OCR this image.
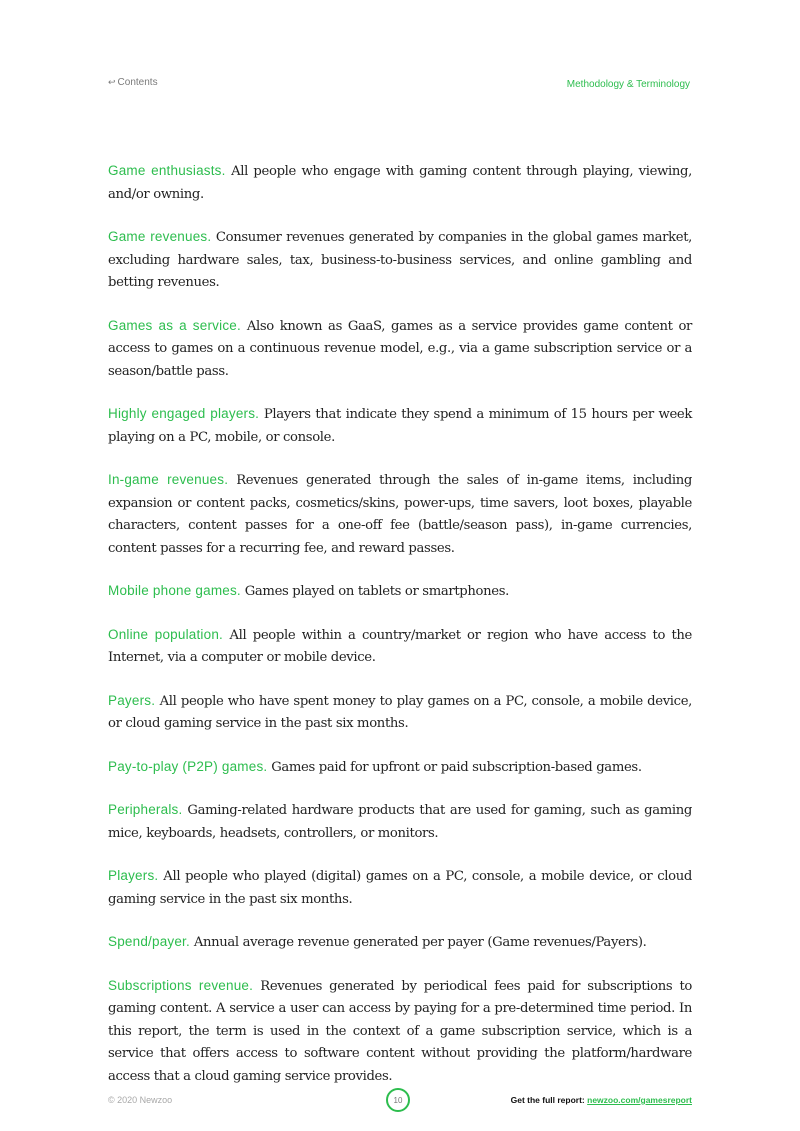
↩ Contents	Methodology & Terminology

Game enthusiasts. All people who engage with gaming content through playing, viewing, and/or owning.

Game revenues. Consumer revenues generated by companies in the global games market, excluding hardware sales, tax, business-to-business services, and online gambling and betting revenues.

Games as a service. Also known as GaaS, games as a service provides game content or access to games on a continuous revenue model, e.g., via a game subscription service or a season/battle pass.

Highly engaged players. Players that indicate they spend a minimum of 15 hours per week playing on a PC, mobile, or console.

In-game revenues. Revenues generated through the sales of in-game items, including expansion or content packs, cosmetics/skins, power-ups, time savers, loot boxes, playable characters, content passes for a one-off fee (battle/season pass), in-game currencies, content passes for a recurring fee, and reward passes.

Mobile phone games. Games played on tablets or smartphones.

Online population. All people within a country/market or region who have access to the Internet, via a computer or mobile device.

Payers. All people who have spent money to play games on a PC, console, a mobile device, or cloud gaming service in the past six months.

Pay-to-play (P2P) games. Games paid for upfront or paid subscription-based games.

Peripherals. Gaming-related hardware products that are used for gaming, such as gaming mice, keyboards, headsets, controllers, or monitors.

Players. All people who played (digital) games on a PC, console, a mobile device, or cloud gaming service in the past six months.

Spend/payer. Annual average revenue generated per payer (Game revenues/Payers).

Subscriptions revenue. Revenues generated by periodical fees paid for subscriptions to gaming content. A service a user can access by paying for a pre-determined time period. In this report, the term is used in the context of a game subscription service, which is a service that offers access to software content without providing the platform/hardware access that a cloud gaming service provides.

© 2020 Newzoo	10	Get the full report: newzoo.com/gamesreport
